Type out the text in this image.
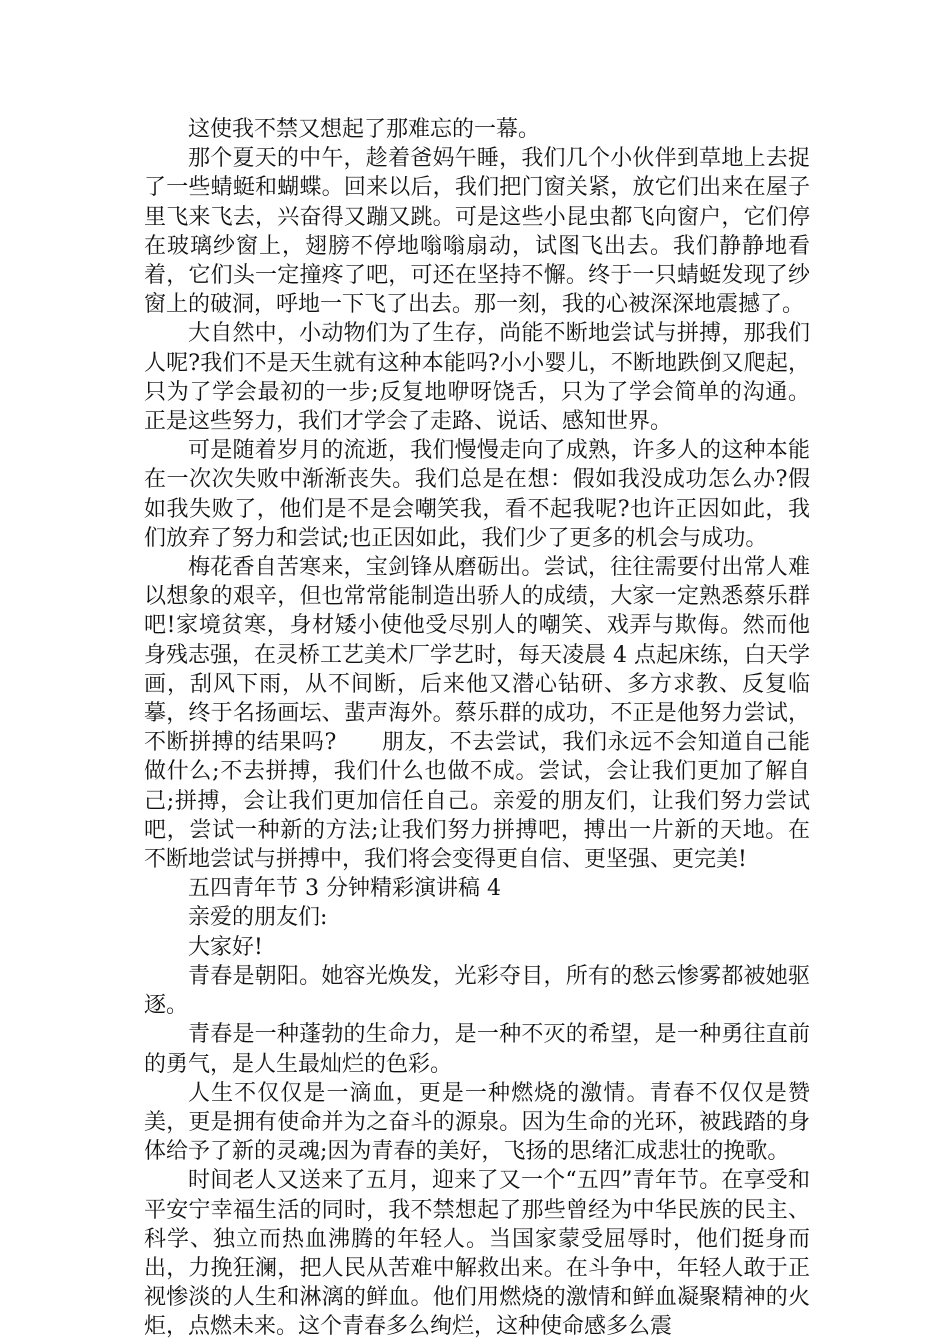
这使我不禁又想起了那难忘的一幕。

那个夏天的中午，趁着爸妈午睡，我们几个小伙伴到草地上去捉了一些蜻蜓和蝴蝶。回来以后，我们把门窗关紧，放它们出来在屋子里飞来飞去，兴奋得又蹦又跳。可是这些小昆虫都飞向窗户，它们停在玻璃纱窗上，翅膀不停地嗡嗡扇动，试图飞出去。我们静静地看着，它们头一定撞疼了吧，可还在坚持不懈。终于一只蜻蜓发现了纱窗上的破洞，呼地一下飞了出去。那一刻，我的心被深深地震撼了。

大自然中，小动物们为了生存，尚能不断地尝试与拼搏，那我们人呢?我们不是天生就有这种本能吗?小小婴儿，不断地跌倒又爬起，只为了学会最初的一步;反复地咿呀饶舌，只为了学会简单的沟通。正是这些努力，我们才学会了走路、说话、感知世界。

可是随着岁月的流逝，我们慢慢走向了成熟，许多人的这种本能在一次次失败中渐渐丧失。我们总是在想：假如我没成功怎么办?假如我失败了，他们是不是会嘲笑我，看不起我呢?也许正因如此，我们放弃了努力和尝试;也正因如此，我们少了更多的机会与成功。

梅花香自苦寒来，宝剑锋从磨砺出。尝试，往往需要付出常人难以想象的艰辛，但也常常能制造出骄人的成绩，大家一定熟悉蔡乐群吧!家境贫寒，身材矮小使他受尽别人的嘲笑、戏弄与欺侮。然而他身残志强，在灵桥工艺美术厂学艺时，每天凌晨 4 点起床练，白天学画，刮风下雨，从不间断，后来他又潜心钻研、多方求教、反复临摹，终于名扬画坛、蜚声海外。蔡乐群的成功，不正是他努力尝试，不断拼搏的结果吗?　　朋友，不去尝试，我们永远不会知道自己能做什么;不去拼搏，我们什么也做不成。尝试，会让我们更加了解自己;拼搏，会让我们更加信任自己。亲爱的朋友们，让我们努力尝试吧，尝试一种新的方法;让我们努力拼搏吧，搏出一片新的天地。在不断地尝试与拼搏中，我们将会变得更自信、更坚强、更完美!

五四青年节 3 分钟精彩演讲稿 4

亲爱的朋友们:

大家好!

青春是朝阳。她容光焕发，光彩夺目，所有的愁云惨雾都被她驱逐。

青春是一种蓬勃的生命力，是一种不灭的希望，是一种勇往直前的勇气，是人生最灿烂的色彩。

人生不仅仅是一滴血，更是一种燃烧的激情。青春不仅仅是赞美，更是拥有使命并为之奋斗的源泉。因为生命的光环，被践踏的身体给予了新的灵魂;因为青春的美好，飞扬的思绪汇成悲壮的挽歌。

时间老人又送来了五月，迎来了又一个“五四”青年节。在享受和平安宁幸福生活的同时，我不禁想起了那些曾经为中华民族的民主、科学、独立而热血沸腾的年轻人。当国家蒙受屈辱时，他们挺身而出，力挽狂澜，把人民从苦难中解救出来。在斗争中，年轻人敢于正视惨淡的人生和淋漓的鲜血。他们用燃烧的激情和鲜血凝聚精神的火炬，点燃未来。这个青春多么绚烂，这种使命感多么震
